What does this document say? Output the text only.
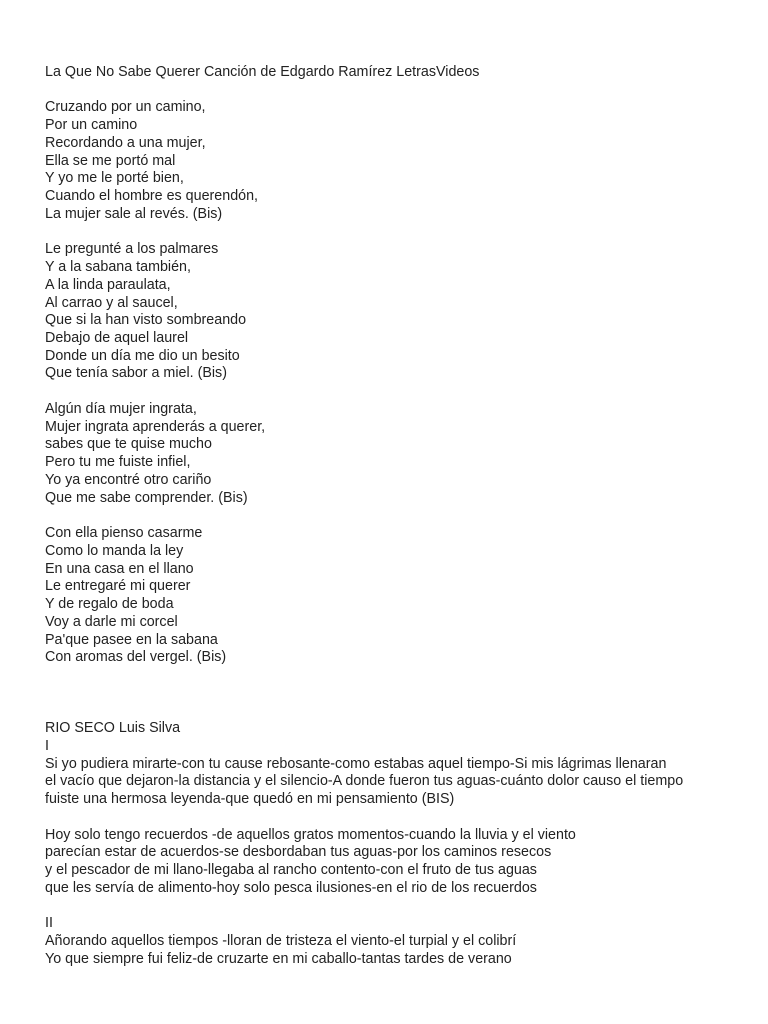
La Que No Sabe Querer Canción de Edgardo Ramírez LetrasVideos
Cruzando por un camino,
Por un camino
Recordando a una mujer,
Ella se me portó mal
Y yo me le porté bien,
Cuando el hombre es querendón,
La mujer sale al revés. (Bis)
Le pregunté a los palmares
Y a la sabana también,
A la linda paraulata,
Al carrao y al saucel,
Que si la han visto sombreando
Debajo de aquel laurel
Donde un día me dio un besito
Que tenía sabor a miel. (Bis)
Algún día mujer ingrata,
Mujer ingrata aprenderás a querer,
sabes que te quise mucho
Pero tu me fuiste infiel,
Yo ya encontré otro cariño
Que me sabe comprender. (Bis)
Con ella pienso casarme
Como lo manda la ley
En una casa en el llano
Le entregaré mi querer
Y de regalo de boda
Voy a darle mi corcel
Pa'que pasee en la sabana
Con aromas del vergel. (Bis)
RIO SECO Luis Silva
I
Si yo pudiera mirarte-con tu cause rebosante-como estabas aquel tiempo-Si mis lágrimas llenaran
el vacío que dejaron-la distancia y el silencio-A donde fueron tus aguas-cuánto dolor causo el tiempo
fuiste una hermosa leyenda-que quedó en mi pensamiento (BIS)
Hoy solo tengo recuerdos -de aquellos gratos momentos-cuando la lluvia y el viento
parecían estar de acuerdos-se desbordaban tus aguas-por los caminos resecos
y el pescador de mi llano-llegaba al rancho contento-con el fruto de tus aguas
que les servía de alimento-hoy solo pesca ilusiones-en el rio de los recuerdos
II
Añorando aquellos tiempos -lloran de tristeza el viento-el turpial y el colibrí
Yo que siempre fui feliz-de cruzarte en mi caballo-tantas tardes de verano
